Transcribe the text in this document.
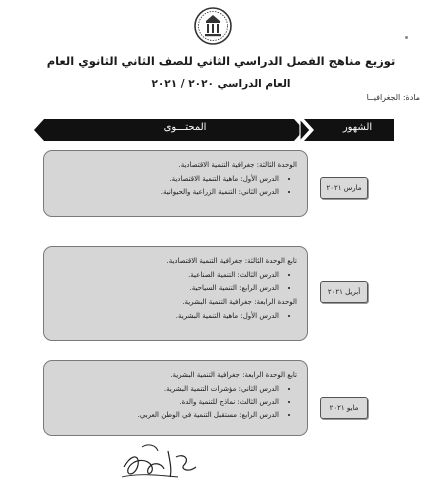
توزيع مناهج الفصل الدراسي الثاني للصف الثاني الثانوي العام
العام الدراسي ٢٠٢٠ / ٢٠٢١
مادة: الجغرافيــا
المحتـــوى	الشهور

الوحدة الثالثة: جغرافية التنمية الاقتصادية.

• الدرس الأول: ماهية التنمية الاقتصادية.
• الدرس الثاني: التنمية الزراعية والحيوانية.

تابع الوحدة الثالثة: جغرافية التنمية الاقتصادية.

• الدرس الثالث: التنمية الصناعية.
• الدرس الرابع: التنمية السياحية.

الوحدة الرابعة: جغرافية التنمية البشرية.

• الدرس الأول: ماهية التنمية البشرية.

تابع الوحدة الرابعة: جغرافية التنمية البشرية.

• الدرس الثاني: مؤشرات التنمية البشرية.
• الدرس الثالث: نماذج للتنمية والدة.
• الدرس الرابع: مستقبل التنمية في الوطن العربي.
مارس ٢٠٢١
أبريل ٢٠٢١
مايو ٢٠٢١
